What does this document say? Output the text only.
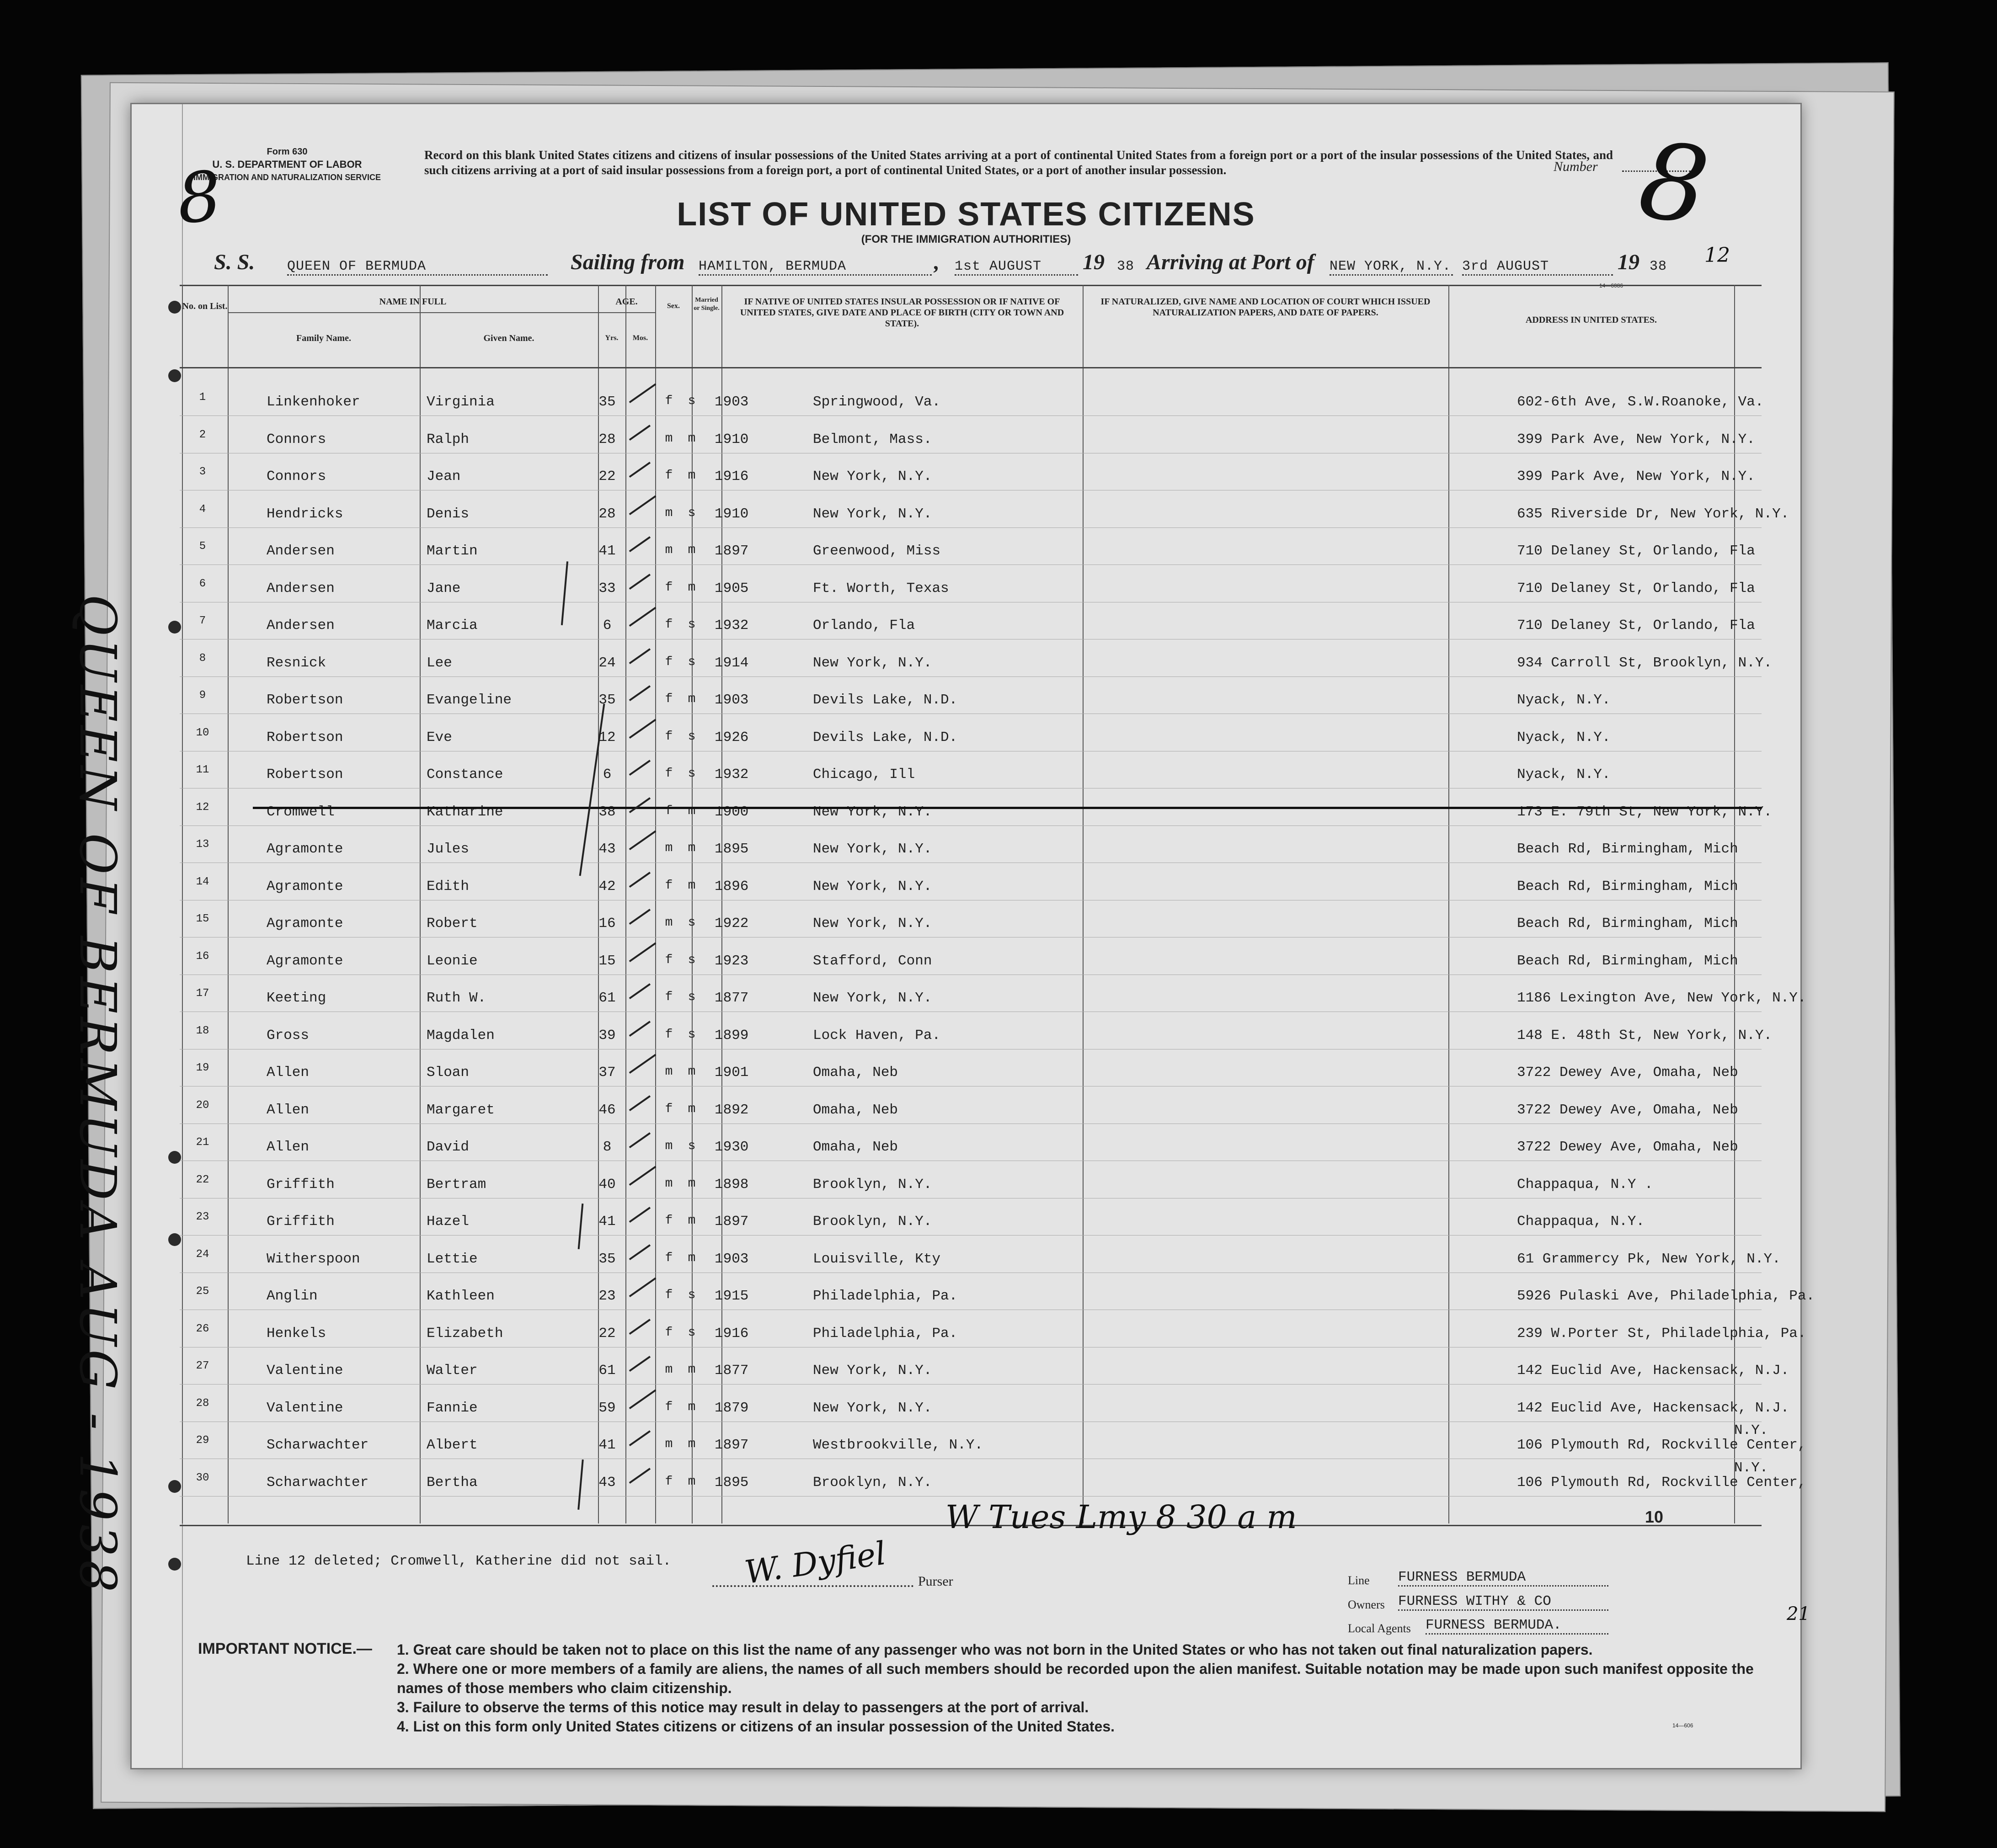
Form 630
U. S. DEPARTMENT OF LABOR
IMMIGRATION AND NATURALIZATION SERVICE
8
Record on this blank United States citizens and citizens of insular possessions of the United States arriving at a port of continental United States from a foreign port or a port of the insular possessions of the United States, and such citizens arriving at a port of said insular possessions from a foreign port, a port of continental United States, or a port of another insular possession.	Number 8
LIST OF UNITED STATES CITIZENS
(FOR THE IMMIGRATION AUTHORITIES)
S. S. QUEEN OF BERMUDA	Sailing from HAMILTON, BERMUDA	, 1st AUGUST	19 38 Arriving at Port of NEW YORK, N.Y. 3rd AUGUST	19 38 12
14—6086
No. on List.	NAME IN FULL
Family Name.	Given Name.
AGE.
Yrs.	Mos.
Sex.
Married or Single.
IF NATIVE OF UNITED STATES INSULAR POSSESSION OR IF NATIVE OF UNITED STATES, GIVE DATE AND PLACE OF BIRTH (CITY OR TOWN AND STATE).
IF NATURALIZED, GIVE NAME AND LOCATION OF COURT WHICH ISSUED NATURALIZATION PAPERS, AND DATE OF PAPERS.
ADDRESS IN UNITED STATES.
1	Linkenhoker	Virginia	35	f	s	1903	Springwood, Va.	602-6th Ave, S.W.Roanoke, Va.
2	Connors	Ralph	28	m	m	1910	Belmont, Mass.	399 Park Ave, New York, N.Y.
3	Connors	Jean	22	f	m	1916	New York, N.Y.	399 Park Ave, New York, N.Y.
4	Hendricks	Denis	28	m	s	1910	New York, N.Y.	635 Riverside Dr, New York, N.Y.
5	Andersen	Martin	41	m	m	1897	Greenwood, Miss	710 Delaney St, Orlando, Fla
6	Andersen	Jane	33	f	m	1905	Ft. Worth, Texas	710 Delaney St, Orlando, Fla
7	Andersen	Marcia	6	f	s	1932	Orlando, Fla	710 Delaney St, Orlando, Fla
8	Resnick	Lee	24	f	s	1914	New York, N.Y.	934 Carroll St, Brooklyn, N.Y.
9	Robertson	Evangeline	35	f	m	1903	Devils Lake, N.D.	Nyack, N.Y.
10	Robertson	Eve	12	f	s	1926	Devils Lake, N.D.	Nyack, N.Y.
11	Robertson	Constance	6	f	s	1932	Chicago, Ill	Nyack, N.Y.
12	Cromwell	Katharine	38	f	m	1900	New York, N.Y.	173 E. 79th St, New York, N.Y.
13	Agramonte	Jules	43	m	m	1895	New York, N.Y.	Beach Rd, Birmingham, Mich
14	Agramonte	Edith	42	f	m	1896	New York, N.Y.	Beach Rd, Birmingham, Mich
15	Agramonte	Robert	16	m	s	1922	New York, N.Y.	Beach Rd, Birmingham, Mich
16	Agramonte	Leonie	15	f	s	1923	Stafford, Conn	Beach Rd, Birmingham, Mich
17	Keeting	Ruth W.	61	f	s	1877	New York, N.Y.	1186 Lexington Ave, New York, N.Y.
18	Gross	Magdalen	39	f	s	1899	Lock Haven, Pa.	148 E. 48th St, New York, N.Y.
19	Allen	Sloan	37	m	m	1901	Omaha, Neb	3722 Dewey Ave, Omaha, Neb
20	Allen	Margaret	46	f	m	1892	Omaha, Neb	3722 Dewey Ave, Omaha, Neb
21	Allen	David	8	m	s	1930	Omaha, Neb	3722 Dewey Ave, Omaha, Neb
22	Griffith	Bertram	40	m	m	1898	Brooklyn, N.Y.	Chappaqua, N.Y .
23	Griffith	Hazel	41	f	m	1897	Brooklyn, N.Y.	Chappaqua, N.Y.
24	Witherspoon	Lettie	35	f	m	1903	Louisville, Kty	61 Grammercy Pk, New York, N.Y.
25	Anglin	Kathleen	23	f	s	1915	Philadelphia, Pa.	5926 Pulaski Ave, Philadelphia, Pa.
26	Henkels	Elizabeth	22	f	s	1916	Philadelphia, Pa.	239 W.Porter St, Philadelphia, Pa.
27	Valentine	Walter	61	m	m	1877	New York, N.Y.	142 Euclid Ave, Hackensack, N.J.
28	Valentine	Fannie	59	f	m	1879	New York, N.Y.	142 Euclid Ave, Hackensack, N.J.
29	Scharwachter	Albert	41	m	m	1897	Westbrookville, N.Y.	106 Plymouth Rd, Rockville Center,
N.Y.
30	Scharwachter	Bertha	43	f	m	1895	Brooklyn, N.Y.	106 Plymouth Rd, Rockville Center,
N.Y.
W Tues Lmy 8 30 a m	10
21
Line 12 deleted; Cromwell, Katherine did not sail. W. Dyfiel Purser	Line FURNESS BERMUDA
Owners FURNESS WITHY & CO
Local Agents FURNESS BERMUDA.
IMPORTANT NOTICE.— 1. Great care should be taken not to place on this list the name of any passenger who was not born in the United States or who has not taken out final naturalization papers.
2. Where one or more members of a family are aliens, the names of all such members should be recorded upon the alien manifest. Suitable notation may be made upon such manifest opposite the names of those members who claim citizenship.
3. Failure to observe the terms of this notice may result in delay to passengers at the port of arrival.
4. List on this form only United States citizens or citizens of an insular possession of the United States.	14—606
QUEEN OF BERMUDA AUG - 1938
